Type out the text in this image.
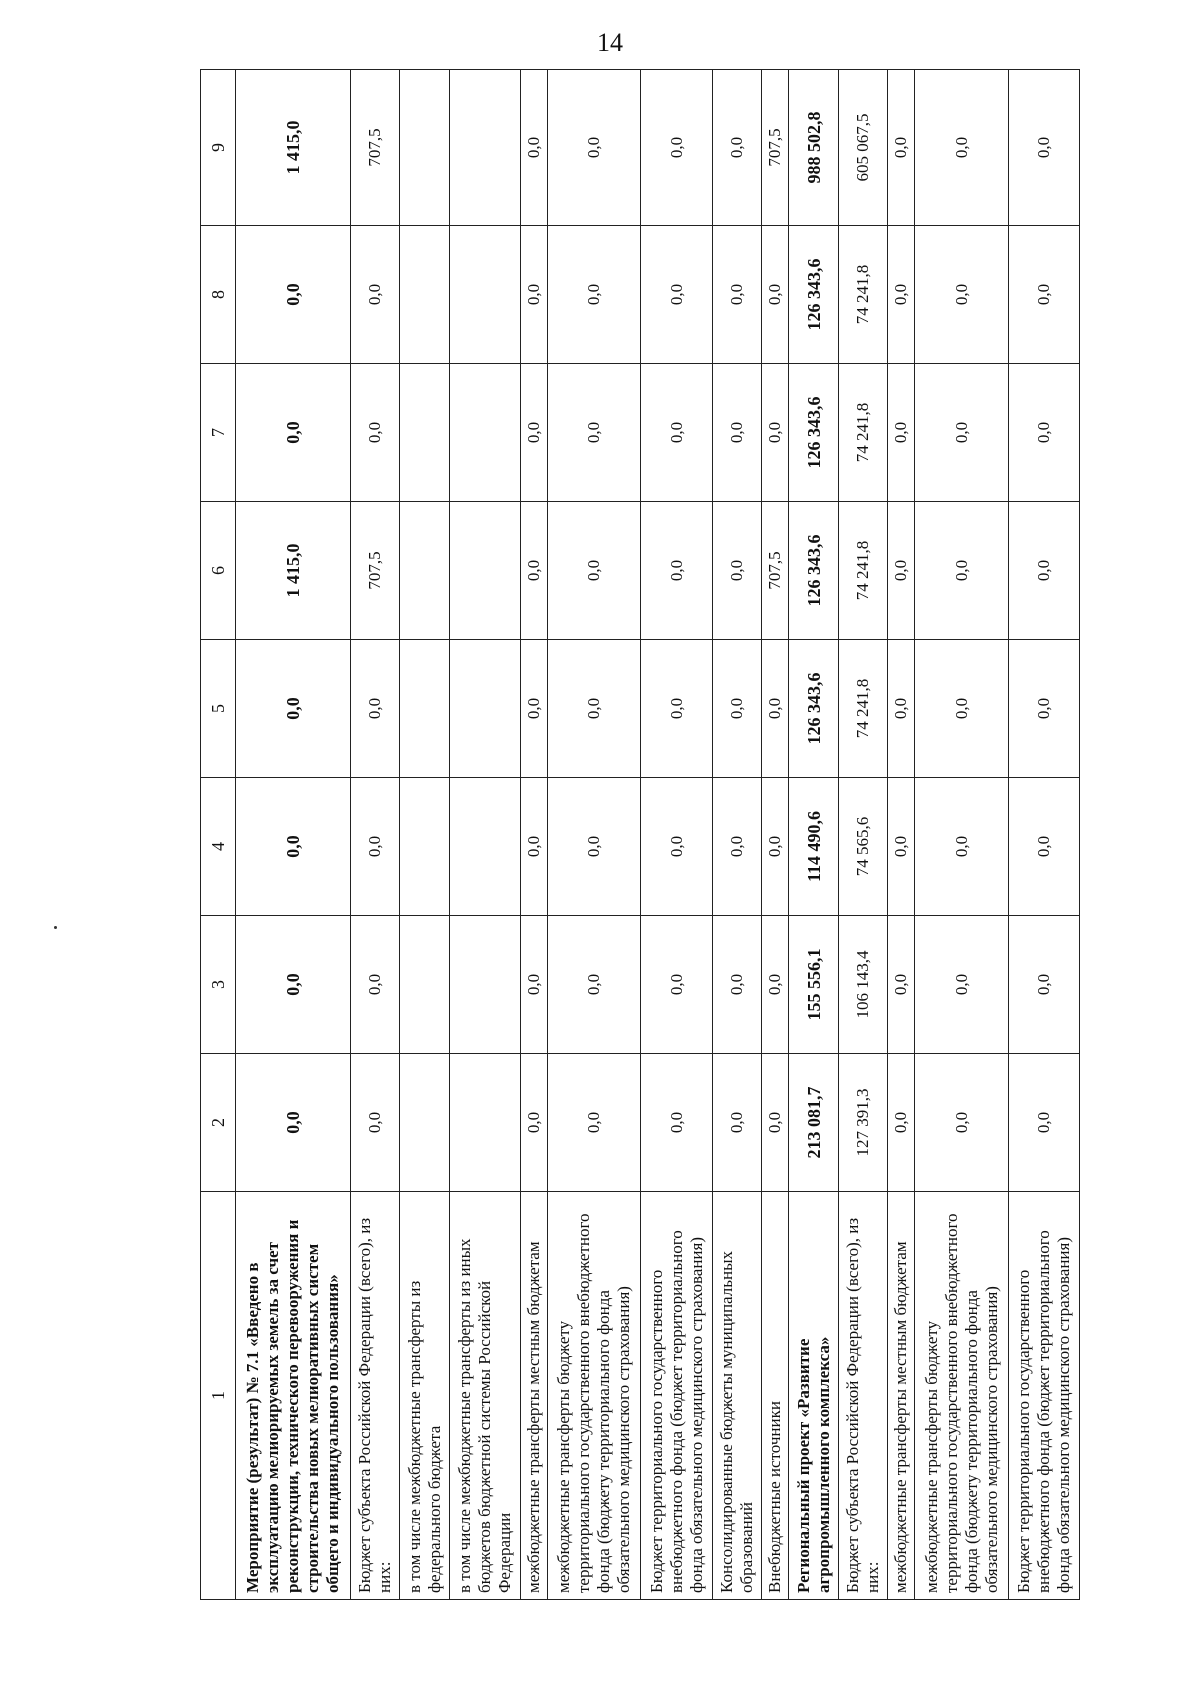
14
1	2	3	4	5	6	7	8	9
Мероприятие (результат) № 7.1 «Введено в эксплуатацию мелиорируемых земель за счет реконструкции, технического перевооружения и строительства новых мелиоративных систем общего и индивидуального пользования»	0,0	0,0	0,0	0,0	1 415,0	0,0	0,0	1 415,0
Бюджет субъекта Российской Федерации (всего), из них:	0,0	0,0	0,0	0,0	707,5	0,0	0,0	707,5
в том числе межбюджетные трансферты из федерального бюджета								
в том числе межбюджетные трансферты из иных бюджетов бюджетной системы Российской Федерации								
межбюджетные трансферты местным бюджетам	0,0	0,0	0,0	0,0	0,0	0,0	0,0	0,0
межбюджетные трансферты бюджету территориального государственного внебюджетного фонда (бюджету территориального фонда обязательного медицинского страхования)	0,0	0,0	0,0	0,0	0,0	0,0	0,0	0,0
Бюджет территориального государственного внебюджетного фонда (бюджет территориального фонда обязательного медицинского страхования)	0,0	0,0	0,0	0,0	0,0	0,0	0,0	0,0
Консолидированные бюджеты муниципальных образований	0,0	0,0	0,0	0,0	0,0	0,0	0,0	0,0
Внебюджетные источники	0,0	0,0	0,0	0,0	707,5	0,0	0,0	707,5
Региональный проект «Развитие агропромышленного комплекса»	213 081,7	155 556,1	114 490,6	126 343,6	126 343,6	126 343,6	126 343,6	988 502,8
Бюджет субъекта Российской Федерации (всего), из них:	127 391,3	106 143,4	74 565,6	74 241,8	74 241,8	74 241,8	74 241,8	605 067,5
межбюджетные трансферты местным бюджетам	0,0	0,0	0,0	0,0	0,0	0,0	0,0	0,0
межбюджетные трансферты бюджету территориального государственного внебюджетного фонда (бюджету территориального фонда обязательного медицинского страхования)	0,0	0,0	0,0	0,0	0,0	0,0	0,0	0,0
Бюджет территориального государственного внебюджетного фонда (бюджет территориального фонда обязательного медицинского страхования)	0,0	0,0	0,0	0,0	0,0	0,0	0,0	0,0
